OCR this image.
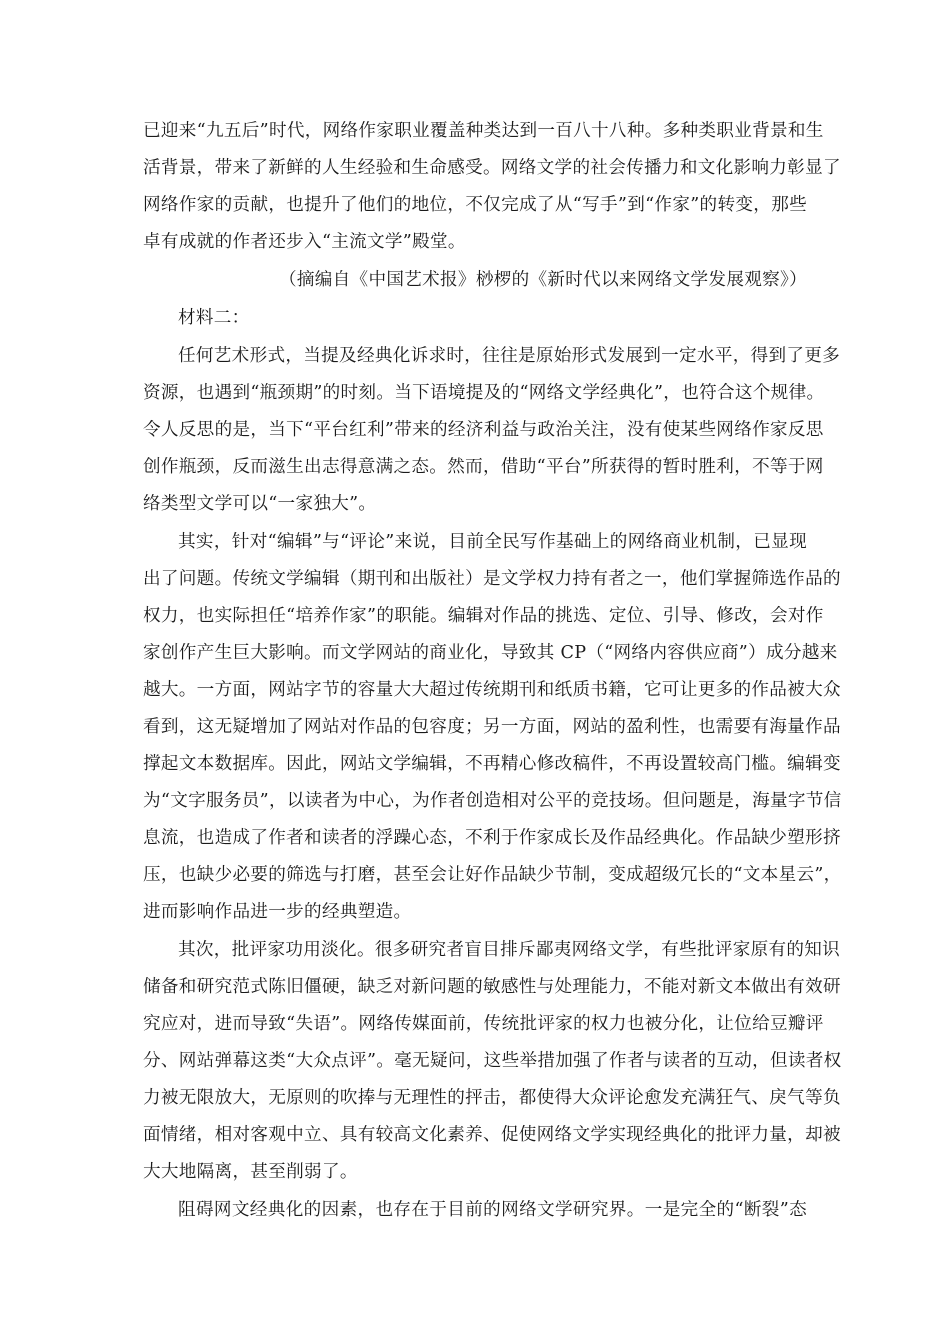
已迎来“九五后”时代，网络作家职业覆盖种类达到一百八十八种。多种类职业背景和生
活背景，带来了新鲜的人生经验和生命感受。网络文学的社会传播力和文化影响力彰显了
网络作家的贡献，也提升了他们的地位，不仅完成了从“写手”到“作家”的转变，那些
卓有成就的作者还步入“主流文学”殿堂。
（摘编自《中国艺术报》桫椤的《新时代以来网络文学发展观察》）
材料二：
任何艺术形式，当提及经典化诉求时，往往是原始形式发展到一定水平，得到了更多
资源，也遇到“瓶颈期”的时刻。当下语境提及的“网络文学经典化”，也符合这个规律。
令人反思的是，当下“平台红利”带来的经济利益与政治关注，没有使某些网络作家反思
创作瓶颈，反而滋生出志得意满之态。然而，借助“平台”所获得的暂时胜利，不等于网
络类型文学可以“一家独大”。
其实，针对“编辑”与“评论”来说，目前全民写作基础上的网络商业机制，已显现
出了问题。传统文学编辑（期刊和出版社）是文学权力持有者之一，他们掌握筛选作品的
权力，也实际担任“培养作家”的职能。编辑对作品的挑选、定位、引导、修改，会对作
家创作产生巨大影响。而文学网站的商业化，导致其 CP（“网络内容供应商”）成分越来
越大。一方面，网站字节的容量大大超过传统期刊和纸质书籍，它可让更多的作品被大众
看到，这无疑增加了网站对作品的包容度；另一方面，网站的盈利性，也需要有海量作品
撑起文本数据库。因此，网站文学编辑，不再精心修改稿件，不再设置较高门槛。编辑变
为“文字服务员”，以读者为中心，为作者创造相对公平的竞技场。但问题是，海量字节信
息流，也造成了作者和读者的浮躁心态，不利于作家成长及作品经典化。作品缺少塑形挤
压，也缺少必要的筛选与打磨，甚至会让好作品缺少节制，变成超级冗长的“文本星云”，
进而影响作品进一步的经典塑造。
其次，批评家功用淡化。很多研究者盲目排斥鄙夷网络文学，有些批评家原有的知识
储备和研究范式陈旧僵硬，缺乏对新问题的敏感性与处理能力，不能对新文本做出有效研
究应对，进而导致“失语”。网络传媒面前，传统批评家的权力也被分化，让位给豆瓣评
分、网站弹幕这类“大众点评”。毫无疑问，这些举措加强了作者与读者的互动，但读者权
力被无限放大，无原则的吹捧与无理性的抨击，都使得大众评论愈发充满狂气、戾气等负
面情绪，相对客观中立、具有较高文化素养、促使网络文学实现经典化的批评力量，却被
大大地隔离，甚至削弱了。
阻碍网文经典化的因素，也存在于目前的网络文学研究界。一是完全的“断裂”态
